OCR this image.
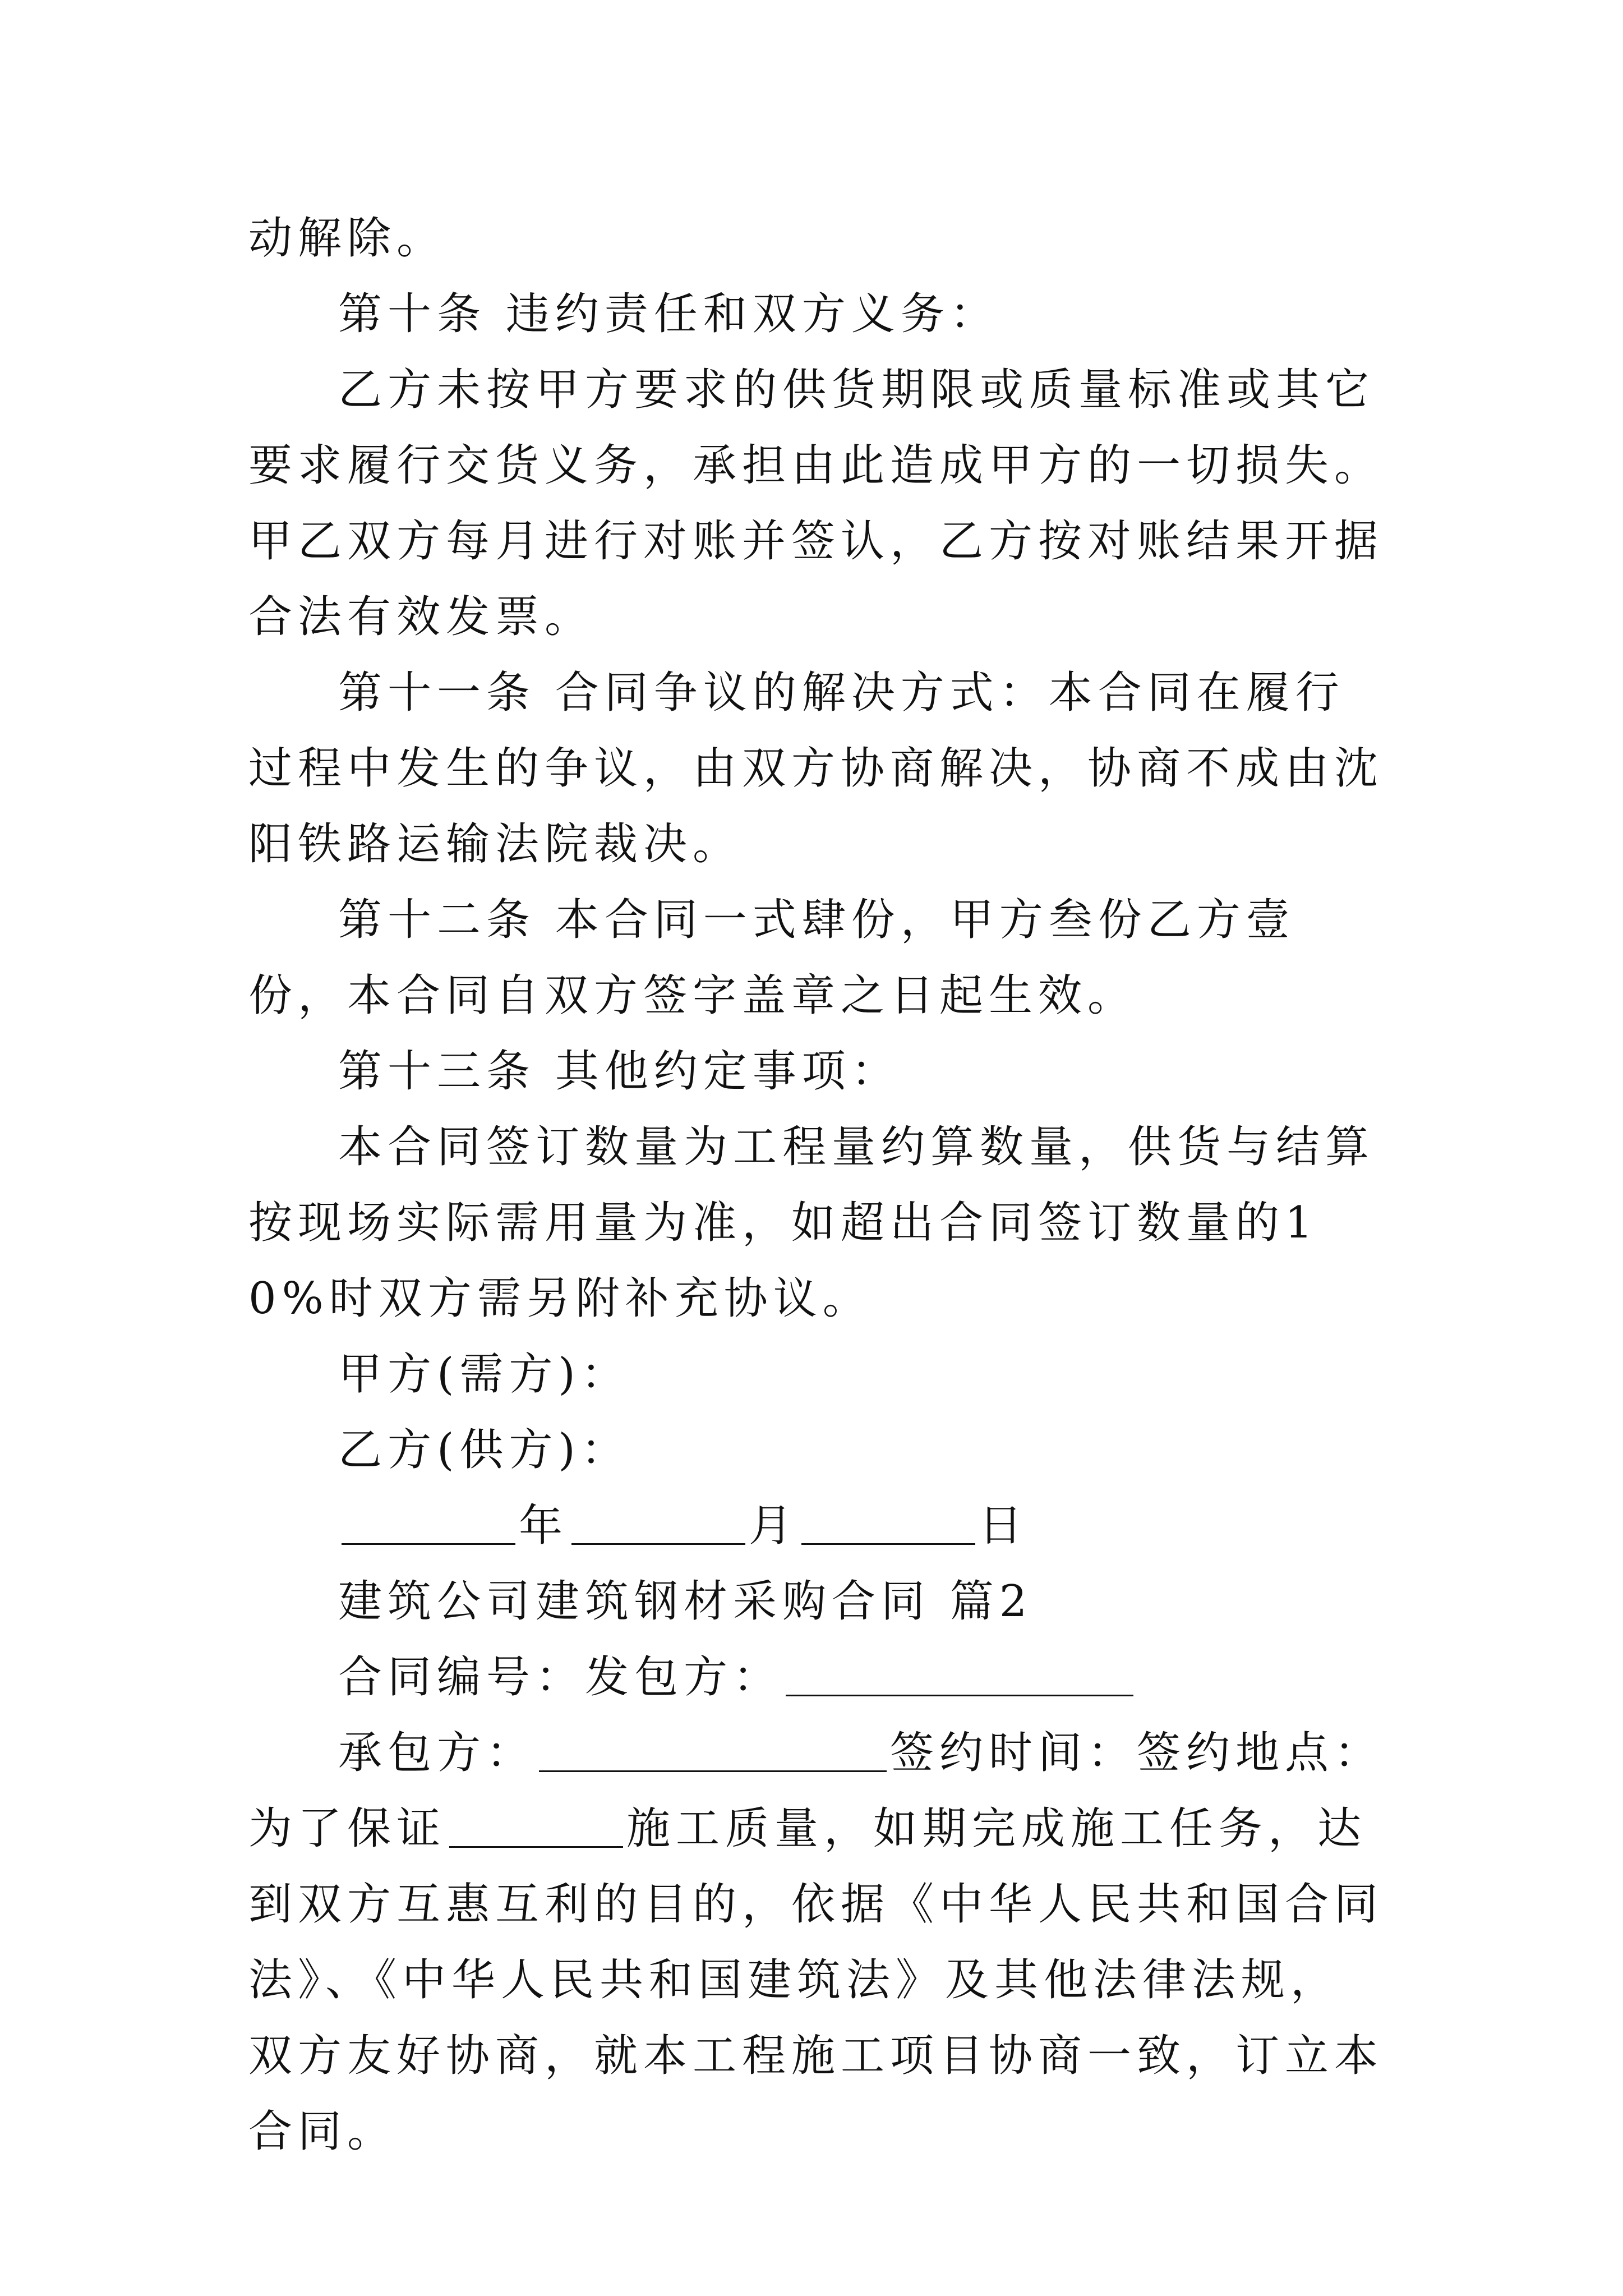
动解除。

第十条 违约责任和双方义务：

乙方未按甲方要求的供货期限或质量标准或其它要求履行交货义务，承担由此造成甲方的一切损失。甲乙双方每月进行对账并签认，乙方按对账结果开据合法有效发票。

第十一条 合同争议的解决方式：本合同在履行过程中发生的争议，由双方协商解决，协商不成由沈阳铁路运输法院裁决。

第十二条 本合同一式肆份，甲方叁份乙方壹份，本合同自双方签字盖章之日起生效。

第十三条 其他约定事项：

本合同签订数量为工程量约算数量，供货与结算按现场实际需用量为准，如超出合同签订数量的10%时双方需另附补充协议。

甲方(需方)：

乙方(供方)：

年	月	日

建筑公司建筑钢材采购合同 篇2

合同编号：发包方：

承包方：	签约时间：签约地点：为了保证	施工质量，如期完成施工任务，达到双方互惠互利的目的，依据《中华人民共和国合同法》、《中华人民共和国建筑法》及其他法律法规，双方友好协商，就本工程施工项目协商一致，订立本合同。
